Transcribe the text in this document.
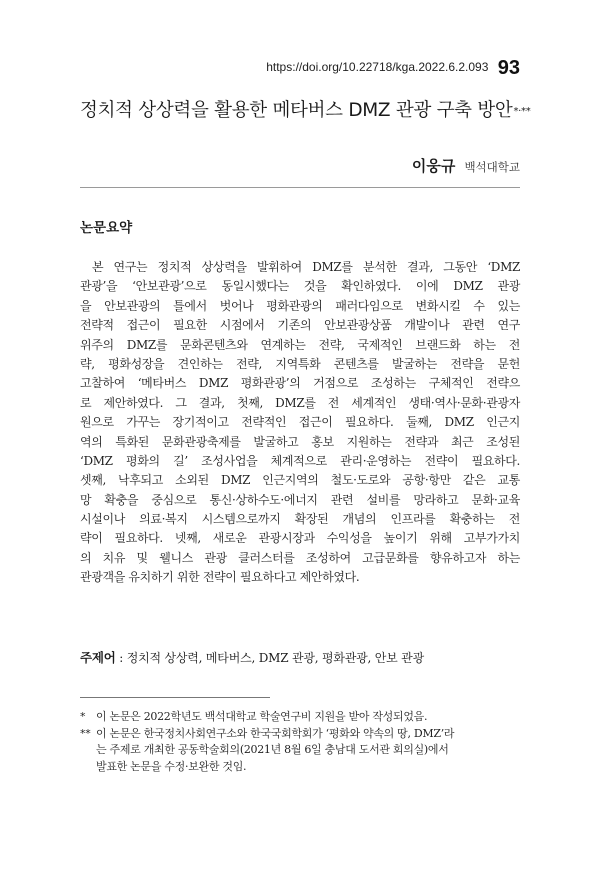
https://doi.org/10.22718/kga.2022.6.2.093 93
정치적 상상력을 활용한 메타버스 DMZ 관광 구축 방안*·**
이웅규 백석대학교
논문요약
본 연구는 정치적 상상력을 발휘하여 DMZ를 분석한 결과, 그동안 ‘DMZ
관광’을 ‘안보관광’으로 동일시했다는 것을 확인하였다. 이에 DMZ 관광
을 안보관광의 틀에서 벗어나 평화관광의 패러다임으로 변화시킬 수 있는
전략적 접근이 필요한 시점에서 기존의 안보관광상품 개발이나 관련 연구
위주의 DMZ를 문화콘텐츠와 연계하는 전략, 국제적인 브랜드화 하는 전
략, 평화성장을 견인하는 전략, 지역특화 콘텐츠를 발굴하는 전략을 문헌
고찰하여 ‘메타버스 DMZ 평화관광’의 거점으로 조성하는 구체적인 전략으
로 제안하였다. 그 결과, 첫째, DMZ를 전 세계적인 생태·역사·문화·관광자
원으로 가꾸는 장기적이고 전략적인 접근이 필요하다. 둘째, DMZ 인근지
역의 특화된 문화관광축제를 발굴하고 홍보 지원하는 전략과 최근 조성된
‘DMZ 평화의 길’ 조성사업을 체계적으로 관리·운영하는 전략이 필요하다.
셋째, 낙후되고 소외된 DMZ 인근지역의 철도·도로와 공항·항만 같은 교통
망 확충을 중심으로 통신·상하수도·에너지 관련 설비를 망라하고 문화·교육
시설이나 의료·복지 시스템으로까지 확장된 개념의 인프라를 확충하는 전
략이 필요하다. 넷째, 새로운 관광시장과 수익성을 높이기 위해 고부가가치
의 치유 및 웰니스 관광 클러스터를 조성하여 고급문화를 향유하고자 하는
관광객을 유치하기 위한 전략이 필요하다고 제안하였다.
주제어 : 정치적 상상력, 메타버스, DMZ 관광, 평화관광, 안보 관광
* 이 논문은 2022학년도 백석대학교 학술연구비 지원을 받아 작성되었음.
** 이 논문은 한국정치사회연구소와 한국국회학회가 ‘평화와 약속의 땅, DMZ’라
는 주제로 개최한 공동학술회의(2021년 8월 6일 충남대 도서관 회의실)에서
발표한 논문을 수정·보완한 것임.
